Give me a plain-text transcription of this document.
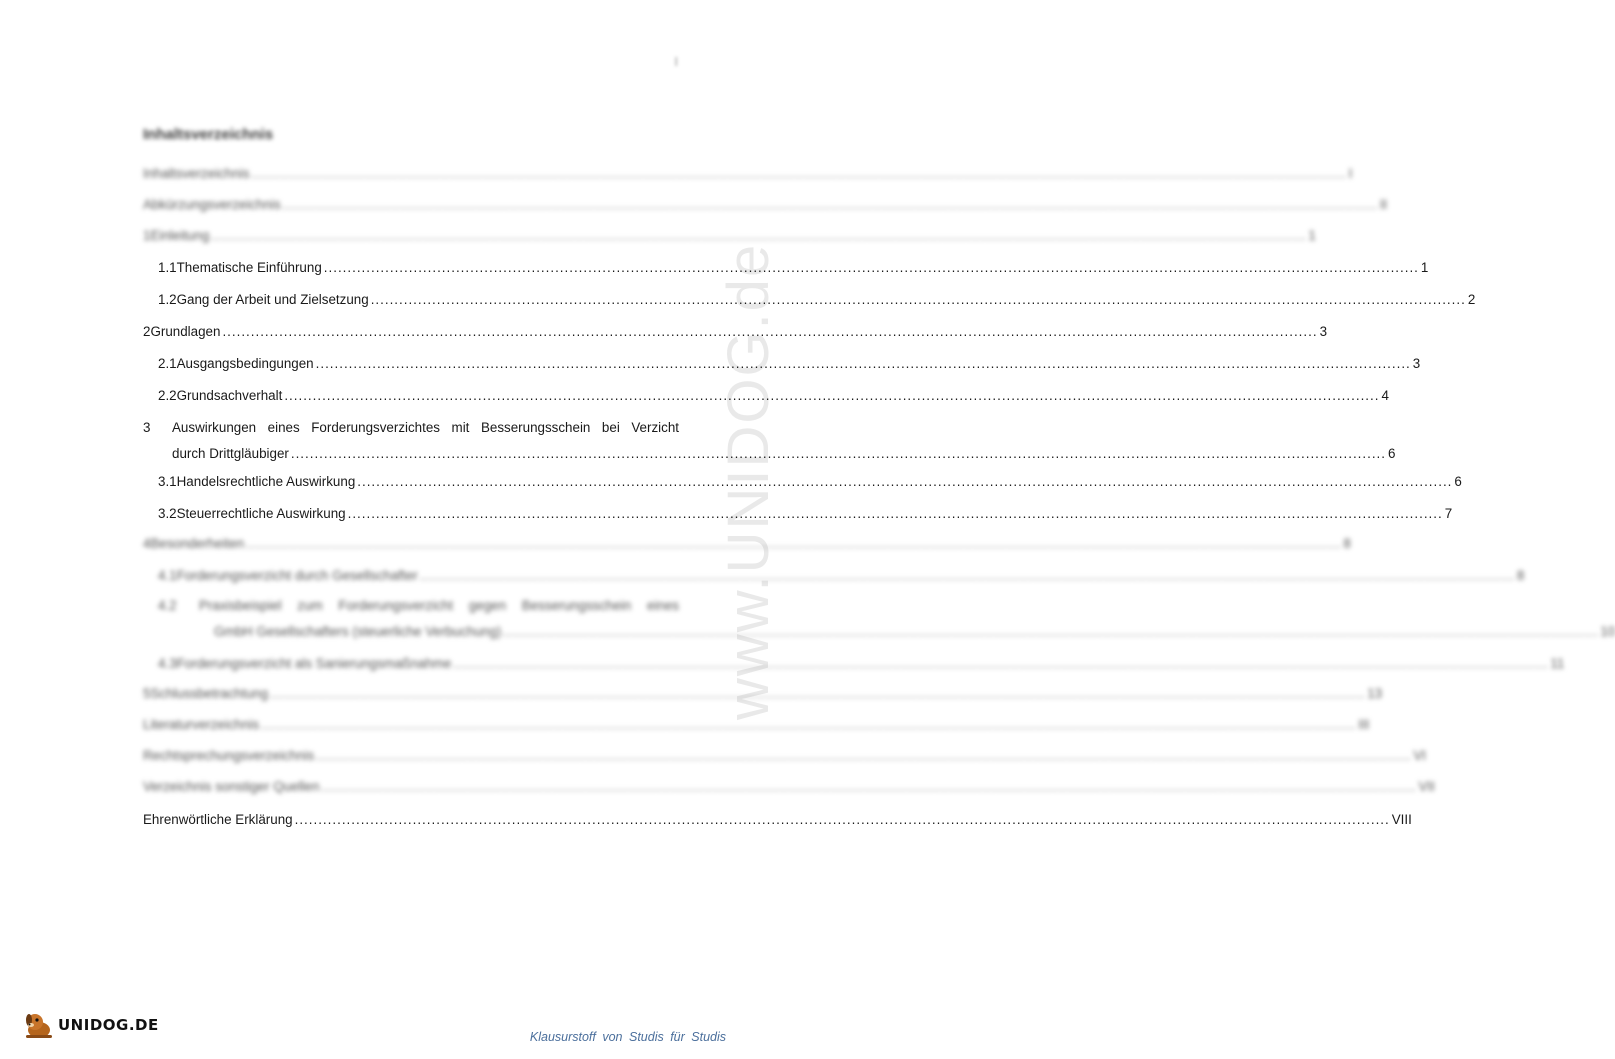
I
www.UNIDOG.de
Inhaltsverzeichnis
Inhaltsverzeichnis .....	I
Abkürzungsverzeichnis .....	II
1 Einleitung .....	1
1.1 Thematische Einführung .....	1
1.2 Gang der Arbeit und Zielsetzung .....	2
2 Grundlagen .....	3
2.1 Ausgangsbedingungen .....	3
2.2 Grundsachverhalt .....	4
3	Auswirkungen eines Forderungsverzichtes mit Besserungsschein bei Verzicht
durch Drittgläubiger .....	6
3.1 Handelsrechtliche Auswirkung .....	6
3.2 Steuerrechtliche Auswirkung .....	7
4 Besonderheiten .....	8
4.1 Forderungsverzicht durch Gesellschafter .....	8
4.2	Praxisbeispiel zum Forderungsverzicht gegen Besserungsschein eines
GmbH Gesellschafters (steuerliche Verbuchung) .....	10
4.3 Forderungsverzicht als Sanierungsmaßnahme .....	11
5 Schlussbetrachtung .....	13
Literaturverzeichnis .....	III
Rechtsprechungsverzeichnis .....	VI
Verzeichnis sonstiger Quellen .....	VII
Ehrenwörtliche Erklärung .....	VIII
UNIDOG.DE
Klausurstoff von Studis für Studis
